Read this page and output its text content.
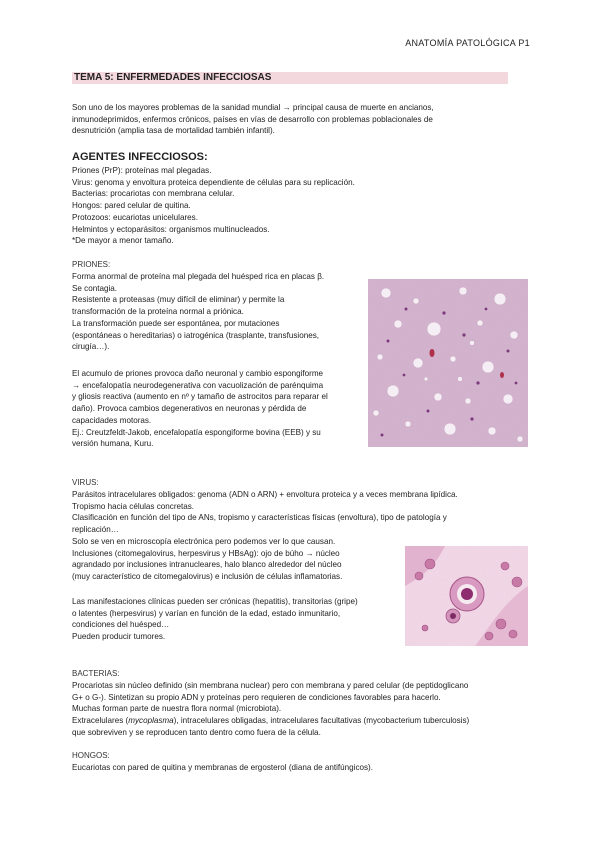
ANATOMÍA PATOLÓGICA P1
TEMA 5: ENFERMEDADES INFECCIOSAS

Son uno de los mayores problemas de la sanidad mundial → principal causa de muerte en ancianos,

inmunodeprimidos, enfermos crónicos, países en vías de desarrollo con problemas poblacionales de

desnutrición (amplia tasa de mortalidad también infantil).

AGENTES INFECCIOSOS:

Priones (PrP): proteínas mal plegadas.

Virus: genoma y envoltura proteica dependiente de células para su replicación.

Bacterias: procariotas con membrana celular.

Hongos: pared celular de quitina.

Protozoos: eucariotas unicelulares.

Helmintos y ectoparásitos: organismos multinucleados.

*De mayor a menor tamaño.

PRIONES:

Forma anormal de proteína mal plegada del huésped rica en placas β.

Se contagia.

Resistente a proteasas (muy difícil de eliminar) y permite la

transformación de la proteína normal a priónica.

La transformación puede ser espontánea, por mutaciones

(espontáneas o hereditarias) o iatrogénica (trasplante, transfusiones,

cirugía…).

El acumulo de priones provoca daño neuronal y cambio espongiforme

→ encefalopatía neurodegenerativa con vacuolización de parénquima

y gliosis reactiva (aumento en nº y tamaño de astrocitos para reparar el

daño). Provoca cambios degenerativos en neuronas y pérdida de

capacidades motoras.

Ej.: Creutzfeldt-Jakob, encefalopatía espongiforme bovina (EEB) y su

versión humana, Kuru.

VIRUS:

Parásitos intracelulares obligados: genoma (ADN o ARN) + envoltura proteica y a veces membrana lipídica.

Tropismo hacia células concretas.

Clasificación en función del tipo de ANs, tropismo y características físicas (envoltura), tipo de patología y

replicación…

Solo se ven en microscopía electrónica pero podemos ver lo que causan.

Inclusiones (citomegalovirus, herpesvirus y HBsAg): ojo de búho → núcleo

agrandado por inclusiones intranucleares, halo blanco alrededor del núcleo

(muy característico de citomegalovirus) e inclusión de células inflamatorias.

Las manifestaciones clínicas pueden ser crónicas (hepatitis), transitorias (gripe)

o latentes (herpesvirus) y varían en función de la edad, estado inmunitario,

condiciones del huésped…

Pueden producir tumores.

BACTERIAS:

Procariotas sin núcleo definido (sin membrana nuclear) pero con membrana y pared celular (de peptidoglicano

G+ o G-). Sintetizan su propio ADN y proteínas pero requieren de condiciones favorables para hacerlo.

Muchas forman parte de nuestra flora normal (microbiota).

Extracelulares (mycoplasma), intracelulares obligadas, intracelulares facultativas (mycobacterium tuberculosis)

que sobreviven y se reproducen tanto dentro como fuera de la célula.

HONGOS:

Eucariotas con pared de quitina y membranas de ergosterol (diana de antifúngicos).
